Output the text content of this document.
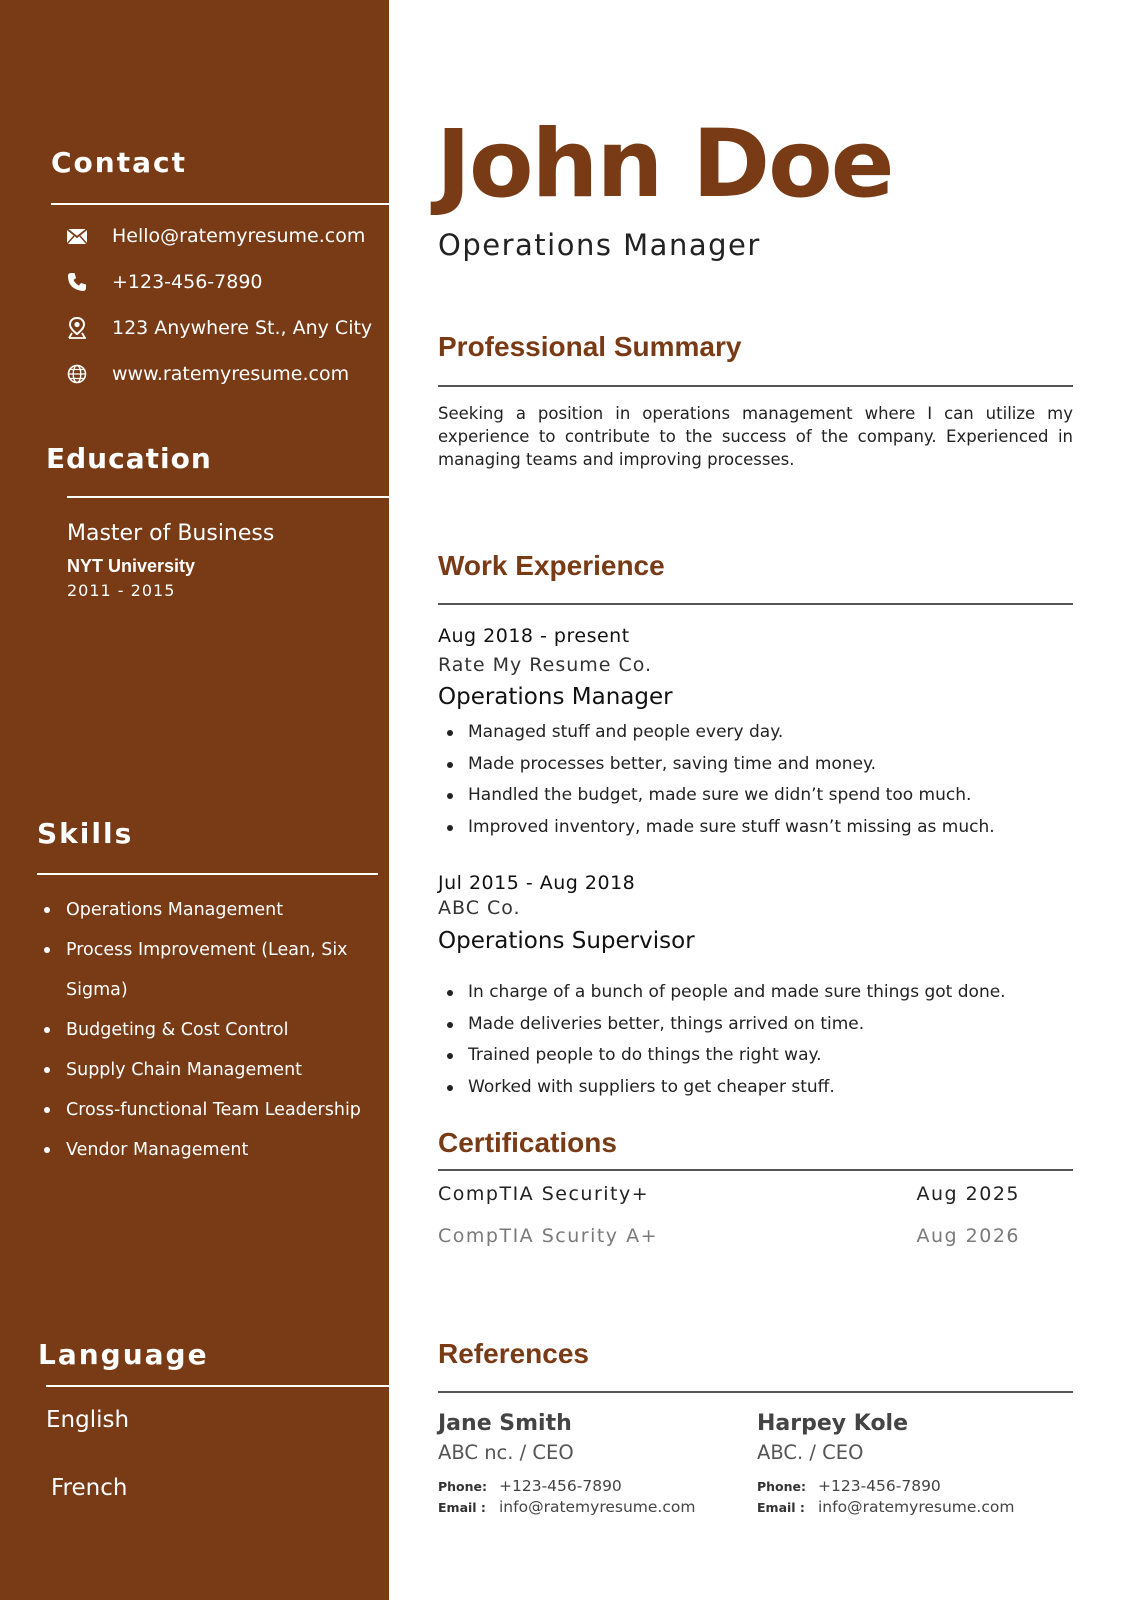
Contact
Hello@ratemyresume.com
+123-456-7890
123 Anywhere St., Any City
www.ratemyresume.com
Education
Master of Business
NYT University
2011 - 2015
Skills
Operations Management
Process Improvement (Lean, Six Sigma)
Budgeting & Cost Control
Supply Chain Management
Cross-functional Team Leadership
Vendor Management
Language
English
French
John Doe
Operations Manager
Professional Summary
Seeking a position in operations management where I can utilize my experience to contribute to the success of the company. Experienced in managing teams and improving processes.
Work Experience
Aug 2018 - present
Rate My Resume Co.
Operations Manager
Managed stuff and people every day.
Made processes better, saving time and money.
Handled the budget, made sure we didn’t spend too much.
Improved inventory, made sure stuff wasn’t missing as much.
Jul 2015 - Aug 2018
ABC Co.
Operations Supervisor
In charge of a bunch of people and made sure things got done.
Made deliveries better, things arrived on time.
Trained people to do things the right way.
Worked with suppliers to get cheaper stuff.
Certifications
CompTIA Security+	Aug 2025
CompTIA Scurity A+	Aug 2026
References
Jane Smith
ABC nc. / CEO
Phone: +123-456-7890
Email : info@ratemyresume.com
Harpey Kole
ABC. / CEO
Phone: +123-456-7890
Email : info@ratemyresume.com
